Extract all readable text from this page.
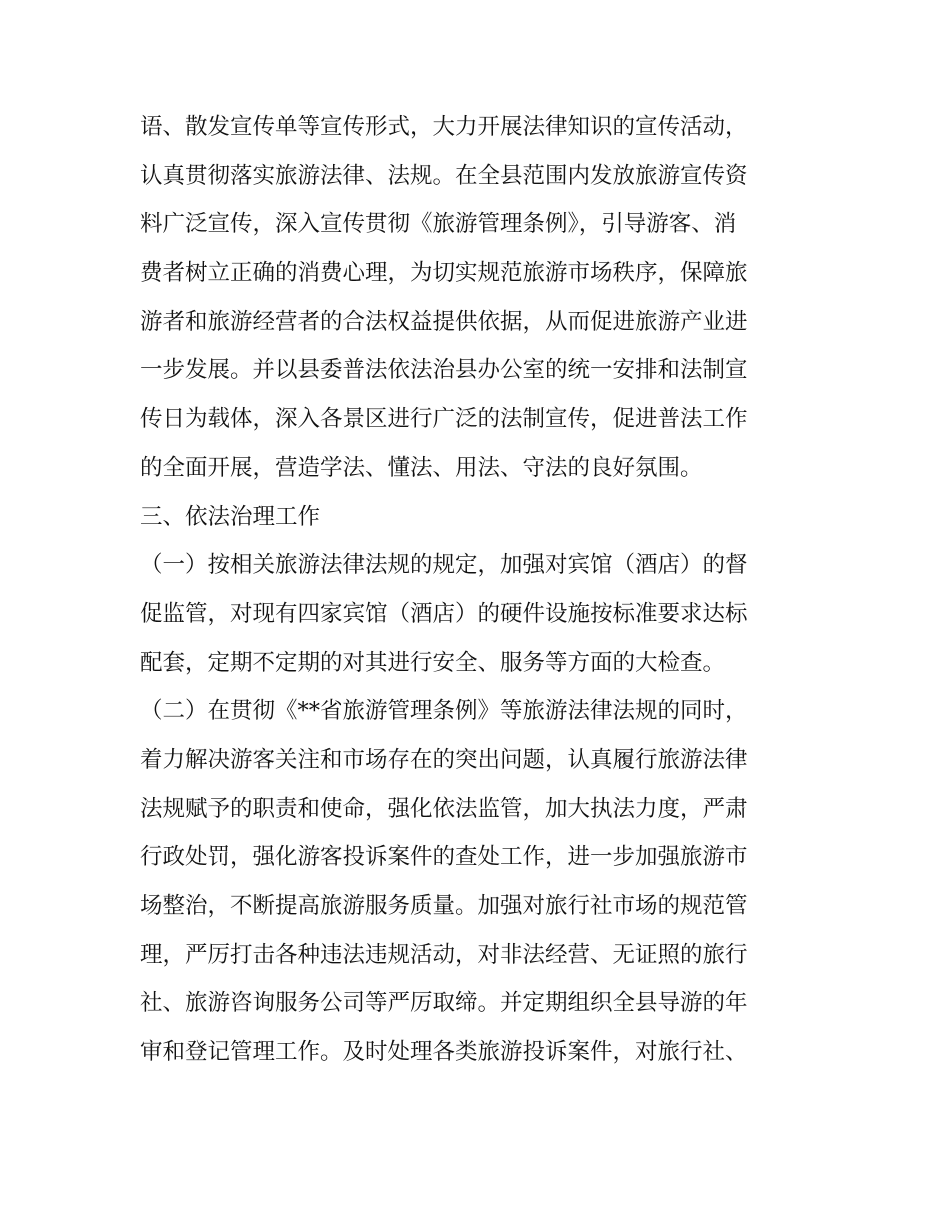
语、散发宣传单等宣传形式，大力开展法律知识的宣传活动，
认真贯彻落实旅游法律、法规。在全县范围内发放旅游宣传资
料广泛宣传，深入宣传贯彻《旅游管理条例》，引导游客、消
费者树立正确的消费心理，为切实规范旅游市场秩序，保障旅
游者和旅游经营者的合法权益提供依据，从而促进旅游产业进
一步发展。并以县委普法依法治县办公室的统一安排和法制宣
传日为载体，深入各景区进行广泛的法制宣传，促进普法工作
的全面开展，营造学法、懂法、用法、守法的良好氛围。
三、依法治理工作
（一）按相关旅游法律法规的规定，加强对宾馆（酒店）的督
促监管，对现有四家宾馆（酒店）的硬件设施按标准要求达标
配套，定期不定期的对其进行安全、服务等方面的大检查。
（二）在贯彻《**省旅游管理条例》等旅游法律法规的同时，
着力解决游客关注和市场存在的突出问题，认真履行旅游法律
法规赋予的职责和使命，强化依法监管，加大执法力度，严肃
行政处罚，强化游客投诉案件的查处工作，进一步加强旅游市
场整治，不断提高旅游服务质量。加强对旅行社市场的规范管
理，严厉打击各种违法违规活动，对非法经营、无证照的旅行
社、旅游咨询服务公司等严厉取缔。并定期组织全县导游的年
审和登记管理工作。及时处理各类旅游投诉案件，对旅行社、
